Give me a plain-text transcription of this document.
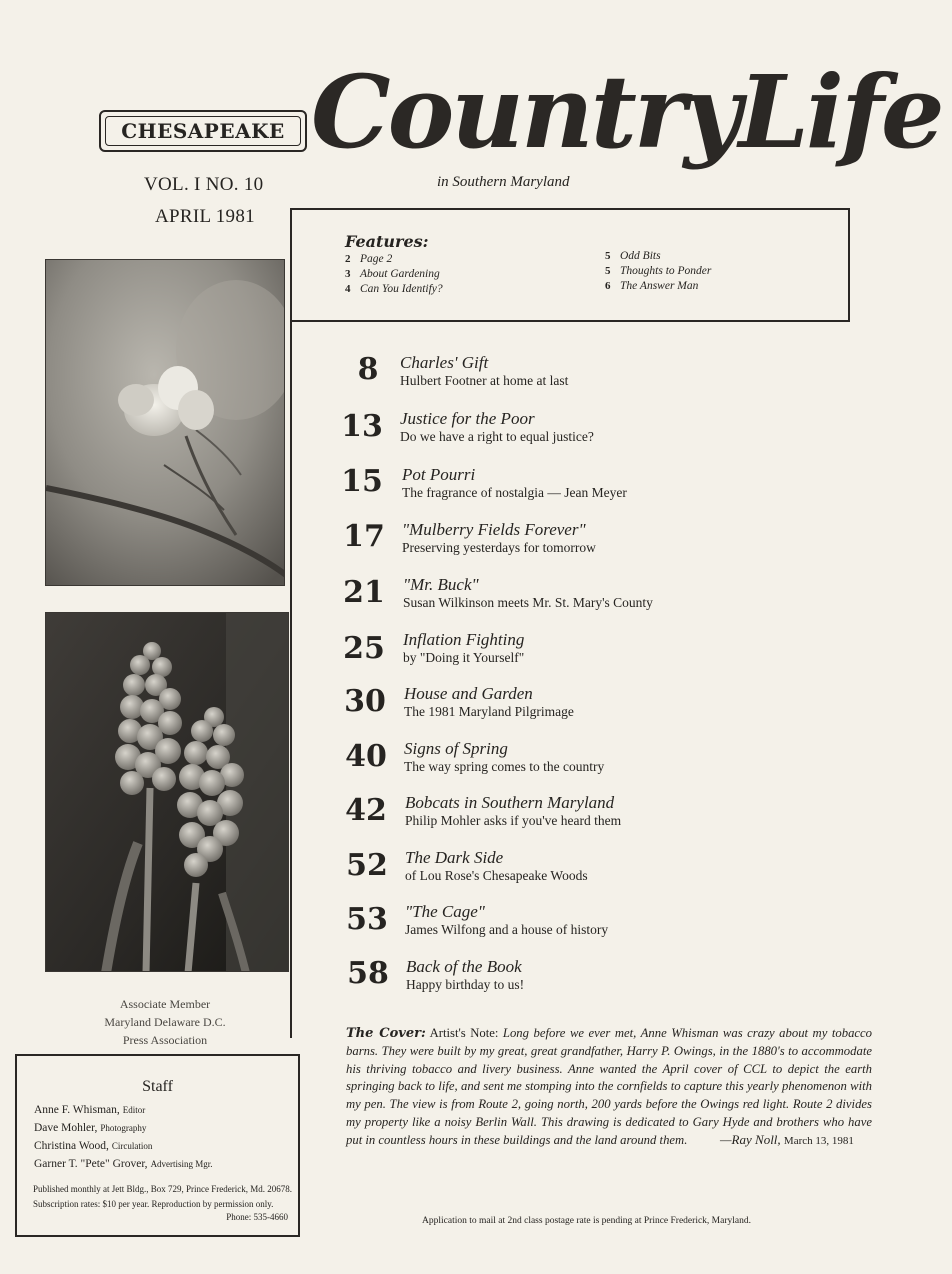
CHESAPEAKE CountryLife
in Southern Maryland
VOL. I NO. 10
APRIL 1981
Associate Member
Maryland Delaware D.C.
Press Association
Staff
Anne F. Whisman, Editor
Dave Mohler, Photography
Christina Wood, Circulation
Garner T. "Pete" Grover, Advertising Mgr.
Published monthly at Jett Bldg., Box 729, Prince Frederick, Md. 20678. Subscription rates: $10 per year. Reproduction by permission only.
Phone: 535-4660
Features:
2 Page 2
3 About Gardening
4 Can You Identify?
5 Odd Bits
5 Thoughts to Ponder
6 The Answer Man
8	Charles' Gift
Hulbert Footner at home at last
13	Justice for the Poor
Do we have a right to equal justice?
15	Pot Pourri
The fragrance of nostalgia — Jean Meyer
17	"Mulberry Fields Forever"
Preserving yesterdays for tomorrow
21	"Mr. Buck"
Susan Wilkinson meets Mr. St. Mary's County
25	Inflation Fighting
by "Doing it Yourself"
30	House and Garden
The 1981 Maryland Pilgrimage
40	Signs of Spring
The way spring comes to the country
42	Bobcats in Southern Maryland
Philip Mohler asks if you've heard them
52	The Dark Side
of Lou Rose's Chesapeake Woods
53	"The Cage"
James Wilfong and a house of history
58	Back of the Book
Happy birthday to us!
The Cover: Artist's Note: Long before we ever met, Anne Whisman was crazy about my tobacco barns. They were built by my great, great grandfather, Harry P. Owings, in the 1880's to accommodate his thriving tobacco and livery business. Anne wanted the April cover of CCL to depict the earth springing back to life, and sent me stomping into the cornfields to capture this yearly phenomenon with my pen. The view is from Route 2, going north, 200 yards before the Owings red light. Route 2 divides my property like a noisy Berlin Wall. This drawing is dedicated to Gary Hyde and brothers who have put in countless hours in these buildings and the land around them.	—Ray Noll, March 13, 1981
Application to mail at 2nd class postage rate is pending at Prince Frederick, Maryland.
